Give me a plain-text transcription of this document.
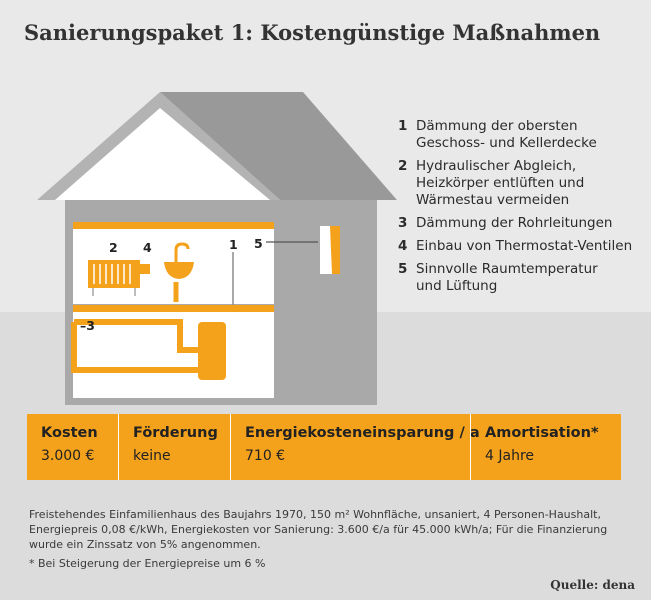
Sanierungspaket 1: Kostengünstige Maßnahmen
2 4	1 5
–3
1 Dämmung der obersten
Geschoss- und Kellerdecke
2 Hydraulischer Abgleich,
Heizkörper entlüften und
Wärmestau vermeiden
3 Dämmung der Rohrleitungen
4 Einbau von Thermostat-Ventilen
5 Sinnvolle Raumtemperatur
und Lüftung
Kosten
3.000 €
Förderung
keine
Energiekosteneinsparung / a
710 €
Amortisation*
4 Jahre
Freistehendes Einfamilienhaus des Baujahrs 1970, 150 m² Wohnfläche, unsaniert, 4 Personen-Haushalt, Energiepreis 0,08 €/kWh, Energiekosten vor Sanierung: 3.600 €/a für 45.000 kWh/a; Für die Finanzierung wurde ein Zinssatz von 5% angenommen.
* Bei Steigerung der Energiepreise um 6 %
Quelle: dena
